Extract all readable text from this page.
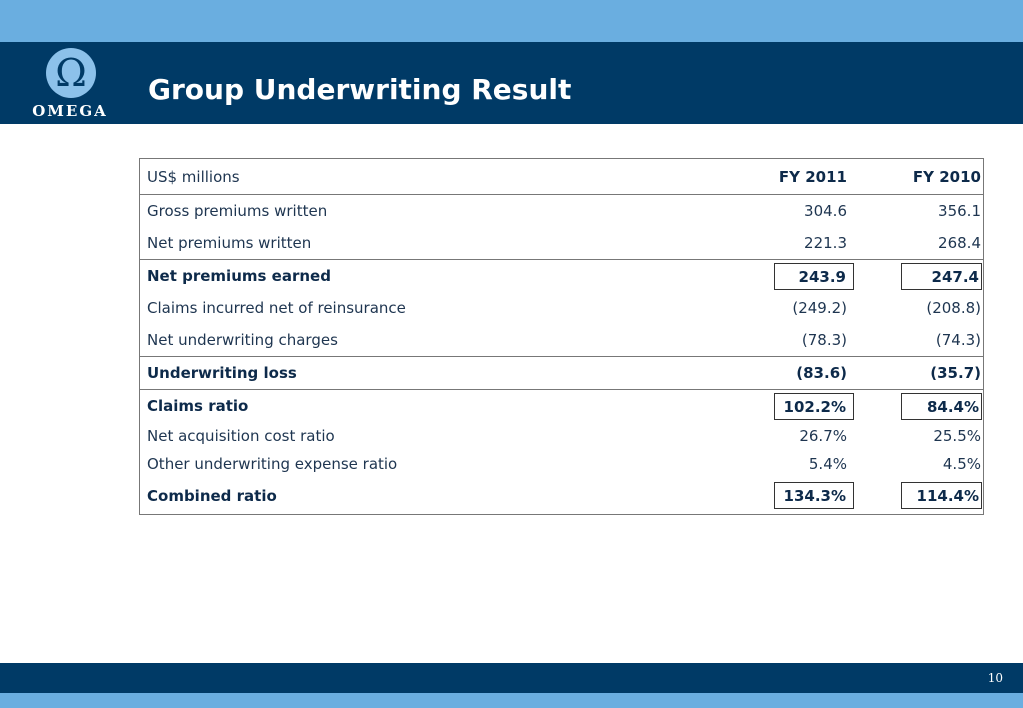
Ω
OMEGA
Group Underwriting Result
US$ millions	FY 2011	FY 2010
Gross premiums written	304.6	356.1
Net premiums written	221.3	268.4
Net premiums earned	243.9	247.4
Claims incurred net of reinsurance	(249.2)	(208.8)
Net underwriting charges	(78.3)	(74.3)
Underwriting loss	(83.6)	(35.7)
Claims ratio	102.2%	84.4%
Net acquisition cost ratio	26.7%	25.5%
Other underwriting expense ratio	5.4%	4.5%
Combined ratio	134.3%	114.4%
10
